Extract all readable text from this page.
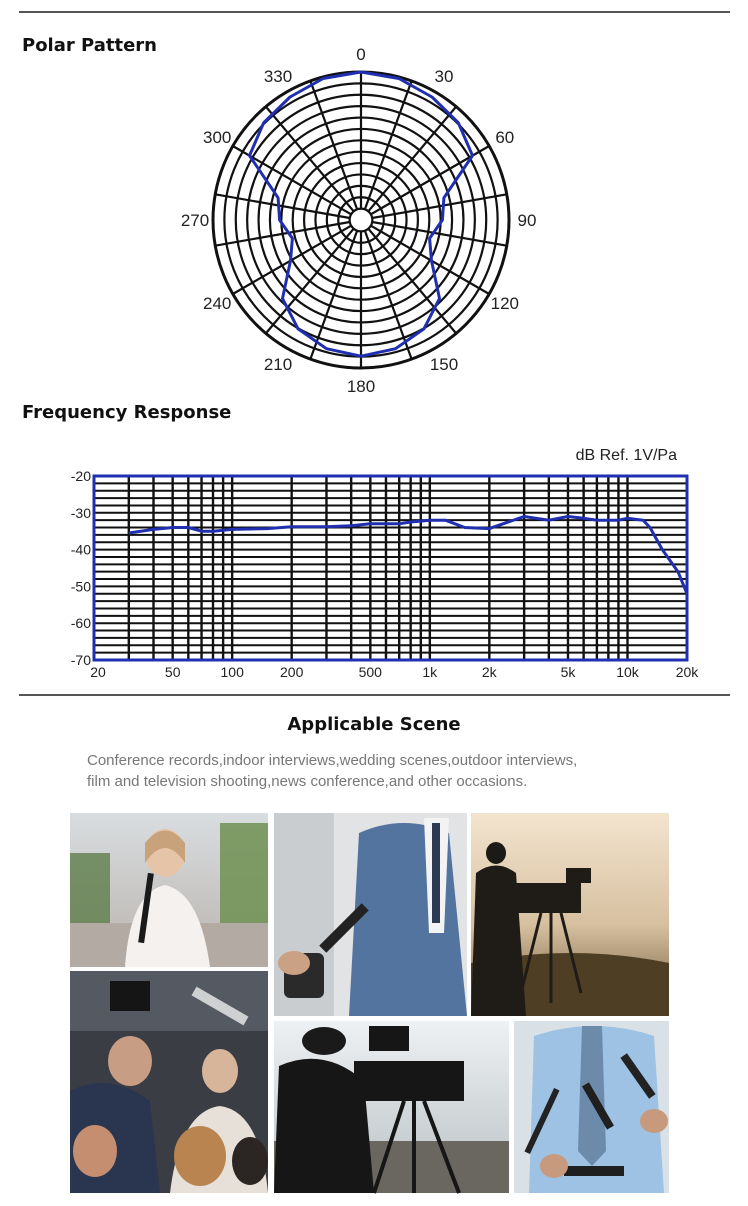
Polar Pattern	0
30
60
90
120
150
180
210
240
270
300
330
Frequency Response
-20
-30
-40
-50
-60
-70
20	50	100	200	500	1k	2k	5k	10k	20k
dB Ref. 1V/Pa
Applicable Scene

Conference records,indoor interviews,wedding scenes,outdoor interviews,
film and television shooting,news conference,and other occasions.
